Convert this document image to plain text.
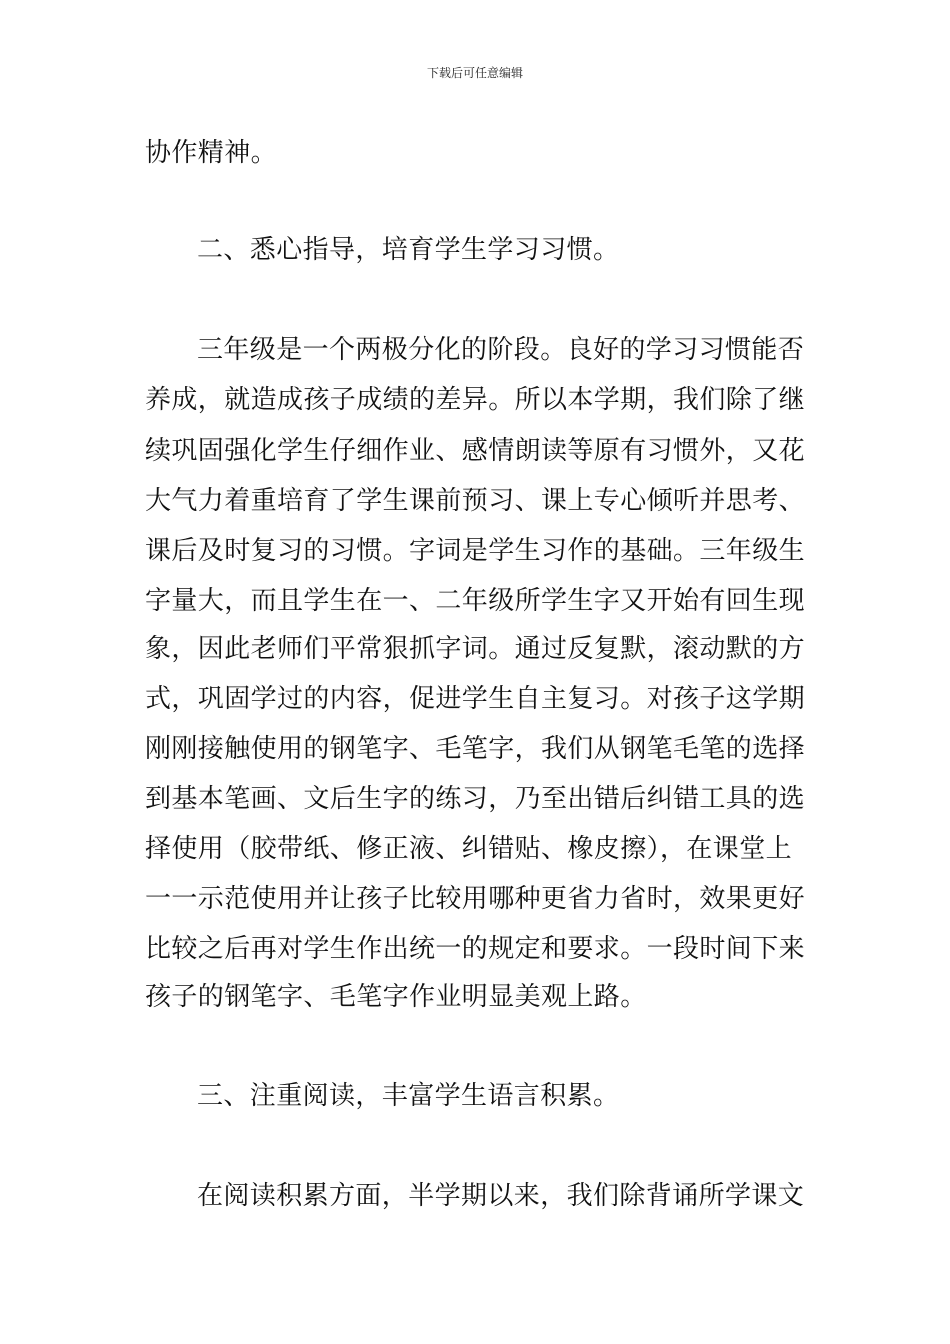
下载后可任意编辑
协作精神。
二、悉心指导，培育学生学习习惯。
三年级是一个两极分化的阶段。良好的学习习惯能否
养成，就造成孩子成绩的差异。所以本学期，我们除了继
续巩固强化学生仔细作业、感情朗读等原有习惯外，又花
大气力着重培育了学生课前预习、课上专心倾听并思考、
课后及时复习的习惯。字词是学生习作的基础。三年级生
字量大，而且学生在一、二年级所学生字又开始有回生现
象，因此老师们平常狠抓字词。通过反复默，滚动默的方
式，巩固学过的内容，促进学生自主复习。对孩子这学期
刚刚接触使用的钢笔字、毛笔字，我们从钢笔毛笔的选择
到基本笔画、文后生字的练习，乃至出错后纠错工具的选
择使用（胶带纸、修正液、纠错贴、橡皮擦），在课堂上
一一示范使用并让孩子比较用哪种更省力省时，效果更好
比较之后再对学生作出统一的规定和要求。一段时间下来
孩子的钢笔字、毛笔字作业明显美观上路。
三、注重阅读，丰富学生语言积累。
在阅读积累方面，半学期以来，我们除背诵所学课文
